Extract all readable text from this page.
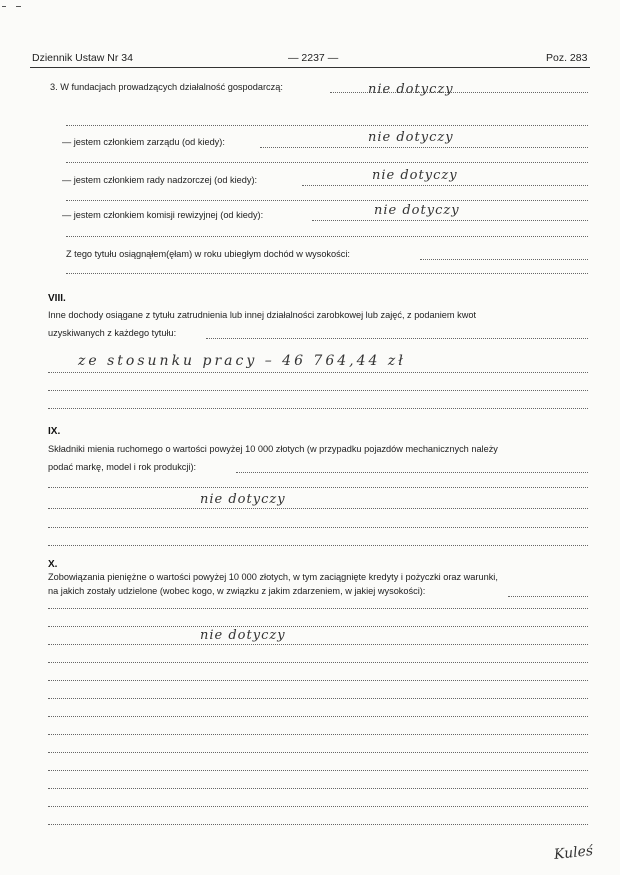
Dziennik Ustaw Nr 34	— 2237 —	Poz. 283
3. W fundacjach prowadzących działalność gospodarczą:	nie dotyczy
— jestem członkiem zarządu (od kiedy):	nie dotyczy
— jestem członkiem rady nadzorczej (od kiedy):	nie dotyczy
— jestem członkiem komisji rewizyjnej (od kiedy):	nie dotyczy
Z tego tytułu osiągnąłem(ęłam) w roku ubiegłym dochód w wysokości:
VIII.
Inne dochody osiągane z tytułu zatrudnienia lub innej działalności zarobkowej lub zajęć, z podaniem kwot
uzyskiwanych z każdego tytułu:
ze stosunku pracy – 46 764,44 zł
IX.
Składniki mienia ruchomego o wartości powyżej 10 000 złotych (w przypadku pojazdów mechanicznych należy
podać markę, model i rok produkcji):
nie dotyczy
X.
Zobowiązania pieniężne o wartości powyżej 10 000 złotych, w tym zaciągnięte kredyty i pożyczki oraz warunki,
na jakich zostały udzielone (wobec kogo, w związku z jakim zdarzeniem, w jakiej wysokości):
nie dotyczy
Kuleś
